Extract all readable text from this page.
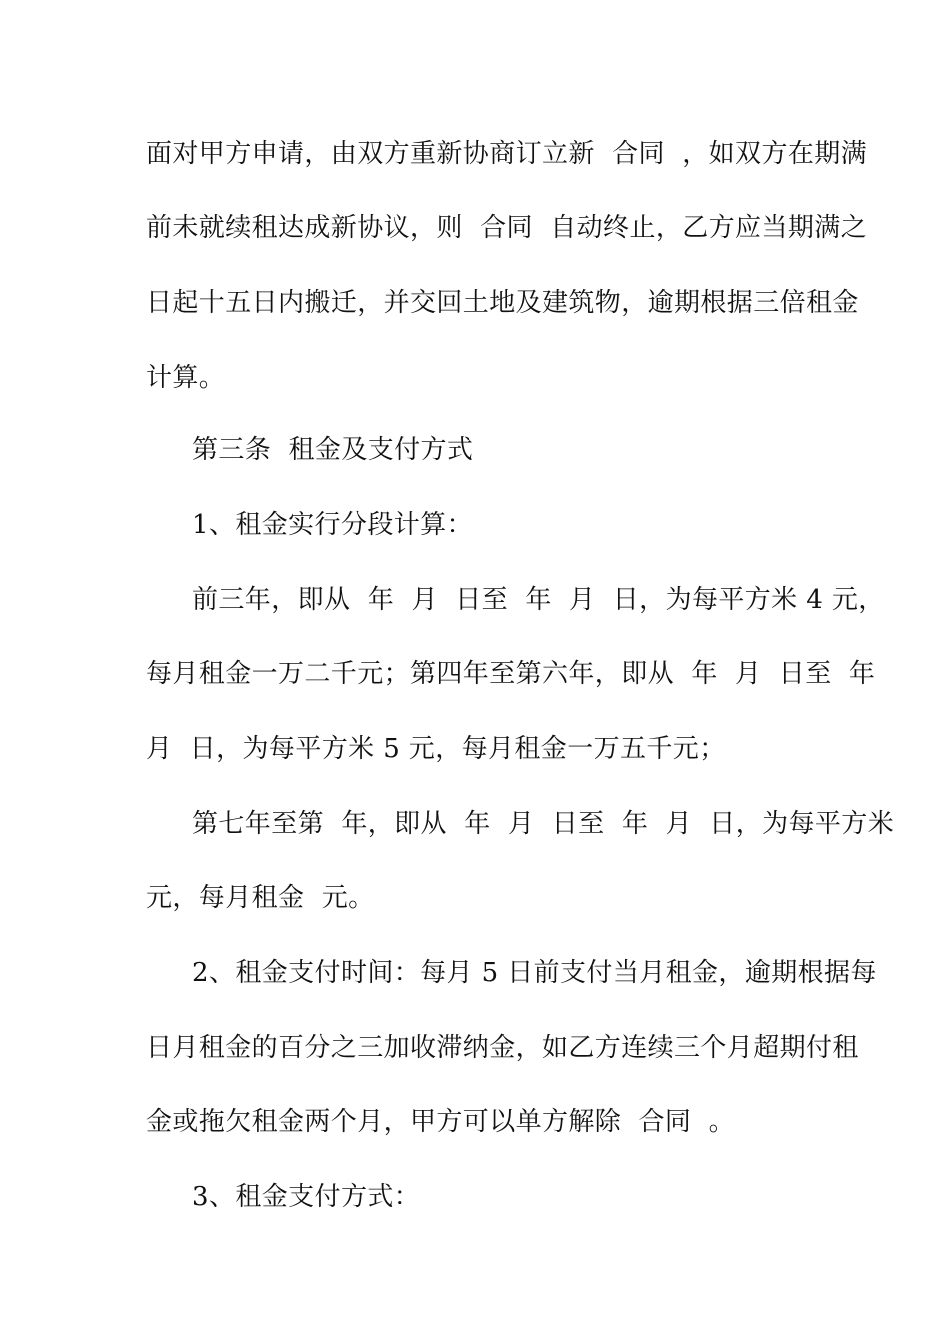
面对甲方申请，由双方重新协商订立新  合同  ，如双方在期满
前未就续租达成新协议，则  合同  自动终止，乙方应当期满之
日起十五日内搬迁，并交回土地及建筑物，逾期根据三倍租金
计算。
第三条  租金及支付方式
1、租金实行分段计算：
前三年，即从  年  月  日至  年  月  日，为每平方米 4 元，
每月租金一万二千元；第四年至第六年，即从  年  月  日至  年
月  日，为每平方米 5 元，每月租金一万五千元；
第七年至第  年，即从  年  月  日至  年  月  日，为每平方米
元，每月租金  元。
2、租金支付时间：每月 5 日前支付当月租金，逾期根据每
日月租金的百分之三加收滞纳金，如乙方连续三个月超期付租
金或拖欠租金两个月，甲方可以单方解除  合同  。
3、租金支付方式：
